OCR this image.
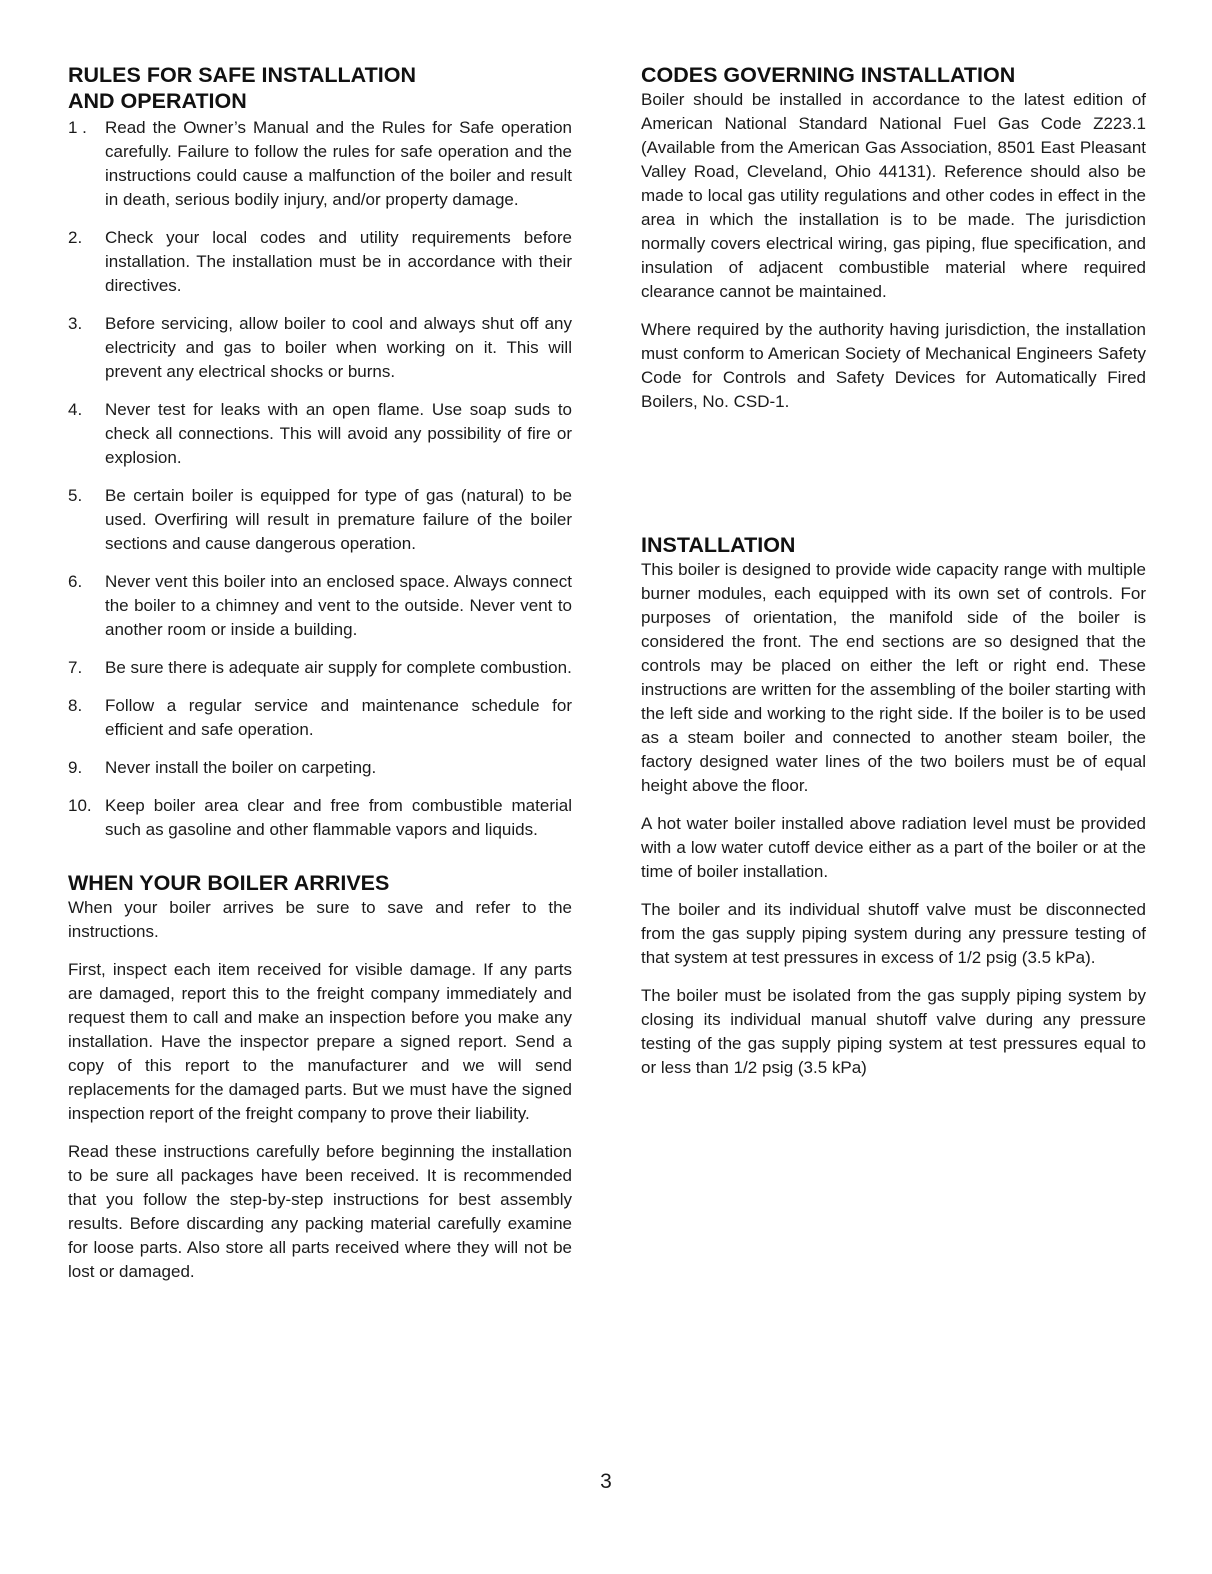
RULES FOR SAFE INSTALLATION
AND OPERATION
1 . Read the Owner’s Manual and the Rules for Safe operation carefully. Failure to follow the rules for safe operation and the instructions could cause a malfunction of the boiler and result in death, serious bodily injury, and/or property damage.
2. Check your local codes and utility requirements before installation. The installation must be in accordance with their directives.
3. Before servicing, allow boiler to cool and always shut off any electricity and gas to boiler when working on it. This will prevent any electrical shocks or burns.
4. Never test for leaks with an open flame. Use soap suds to check all connections. This will avoid any possibility of fire or explosion.
5. Be certain boiler is equipped for type of gas (natural) to be used. Overfiring will result in premature failure of the boiler sections and cause dangerous operation.
6. Never vent this boiler into an enclosed space. Always connect the boiler to a chimney and vent to the outside. Never vent to another room or inside a building.
7. Be sure there is adequate air supply for complete combustion.
8. Follow a regular service and maintenance schedule for efficient and safe operation.
9. Never install the boiler on carpeting.
10. Keep boiler area clear and free from combustible material such as gasoline and other flammable vapors and liquids.
WHEN YOUR BOILER ARRIVES

When your boiler arrives be sure to save and refer to the instructions.

First, inspect each item received for visible damage. If any parts are damaged, report this to the freight company immediately and request them to call and make an inspection before you make any installation. Have the inspector prepare a signed report. Send a copy of this report to the manufacturer and we will send replacements for the damaged parts. But we must have the signed inspection report of the freight company to prove their liability.

Read these instructions carefully before beginning the installation to be sure all packages have been received. It is recommended that you follow the step-by-step instructions for best assembly results. Before discarding any packing material carefully examine for loose parts. Also store all parts received where they will not be lost or damaged.

CODES GOVERNING INSTALLATION

Boiler should be installed in accordance to the latest edition of American National Standard National Fuel Gas Code Z223.1 (Available from the American Gas Association, 8501 East Pleasant Valley Road, Cleveland, Ohio 44131). Reference should also be made to local gas utility regulations and other codes in effect in the area in which the installation is to be made. The jurisdiction normally covers electrical wiring, gas piping, flue specification, and insulation of adjacent combustible material where required clearance cannot be maintained.

Where required by the authority having jurisdiction, the installation must conform to American Society of Mechanical Engineers Safety Code for Controls and Safety Devices for Automatically Fired Boilers, No. CSD-1.

INSTALLATION

This boiler is designed to provide wide capacity range with multiple burner modules, each equipped with its own set of controls. For purposes of orientation, the manifold side of the boiler is considered the front. The end sections are so designed that the controls may be placed on either the left or right end. These instructions are written for the assembling of the boiler starting with the left side and working to the right side. If the boiler is to be used as a steam boiler and connected to another steam boiler, the factory designed water lines of the two boilers must be of equal height above the floor.

A hot water boiler installed above radiation level must be provided with a low water cutoff device either as a part of the boiler or at the time of boiler installation.

The boiler and its individual shutoff valve must be disconnected from the gas supply piping system during any pressure testing of that system at test pressures in excess of 1/2 psig (3.5 kPa).

The boiler must be isolated from the gas supply piping system by closing its individual manual shutoff valve during any pressure testing of the gas supply piping system at test pressures equal to or less than 1/2 psig (3.5 kPa)

3
